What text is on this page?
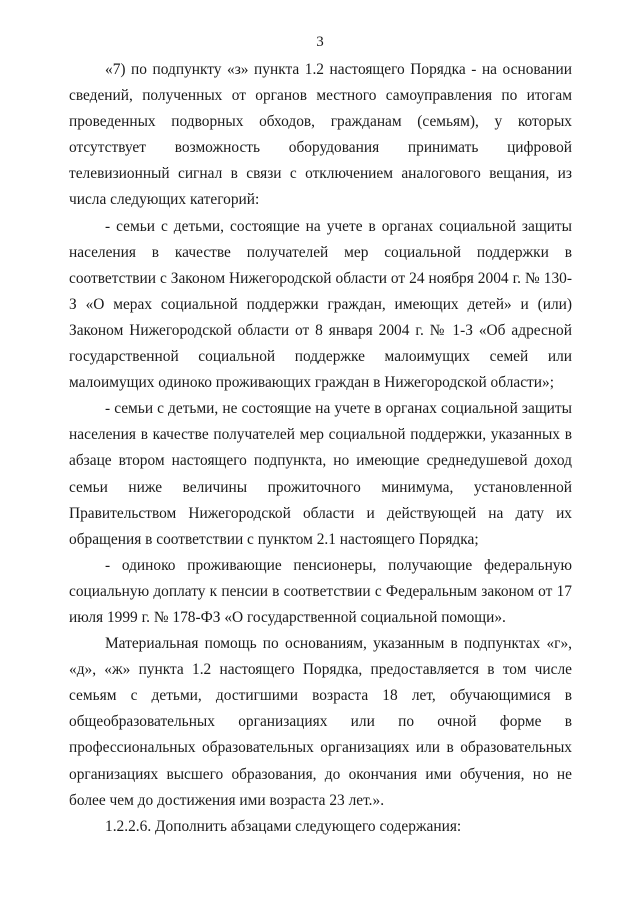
3

«7) по подпункту «з» пункта 1.2 настоящего Порядка - на основании сведений, полученных от органов местного самоуправления по итогам проведенных подворных обходов, гражданам (семьям), у которых отсутствует возможность оборудования принимать цифровой телевизионный сигнал в связи с отключением аналогового вещания, из числа следующих категорий:

- семьи с детьми, состоящие на учете в органах социальной защиты населения в качестве получателей мер социальной поддержки в соответствии с Законом Нижегородской области от 24 ноября 2004 г. № 130-З «О мерах социальной поддержки граждан, имеющих детей» и (или) Законом Нижегородской области от 8 января 2004 г. № 1-З «Об адресной государственной социальной поддержке малоимущих семей или малоимущих одиноко проживающих граждан в Нижегородской области»;

- семьи с детьми, не состоящие на учете в органах социальной защиты населения в качестве получателей мер социальной поддержки, указанных в абзаце втором настоящего подпункта, но имеющие среднедушевой доход семьи ниже величины прожиточного минимума, установленной Правительством Нижегородской области и действующей на дату их обращения в соответствии с пунктом 2.1 настоящего Порядка;

- одиноко проживающие пенсионеры, получающие федеральную социальную доплату к пенсии в соответствии с Федеральным законом от 17 июля 1999 г. № 178-ФЗ «О государственной социальной помощи».

Материальная помощь по основаниям, указанным в подпунктах «г», «д», «ж» пункта 1.2 настоящего Порядка, предоставляется в том числе семьям с детьми, достигшими возраста 18 лет, обучающимися в общеобразовательных организациях или по очной форме в профессиональных образовательных организациях или в образовательных организациях высшего образования, до окончания ими обучения, но не более чем до достижения ими возраста 23 лет.».

1.2.2.6. Дополнить абзацами следующего содержания:
